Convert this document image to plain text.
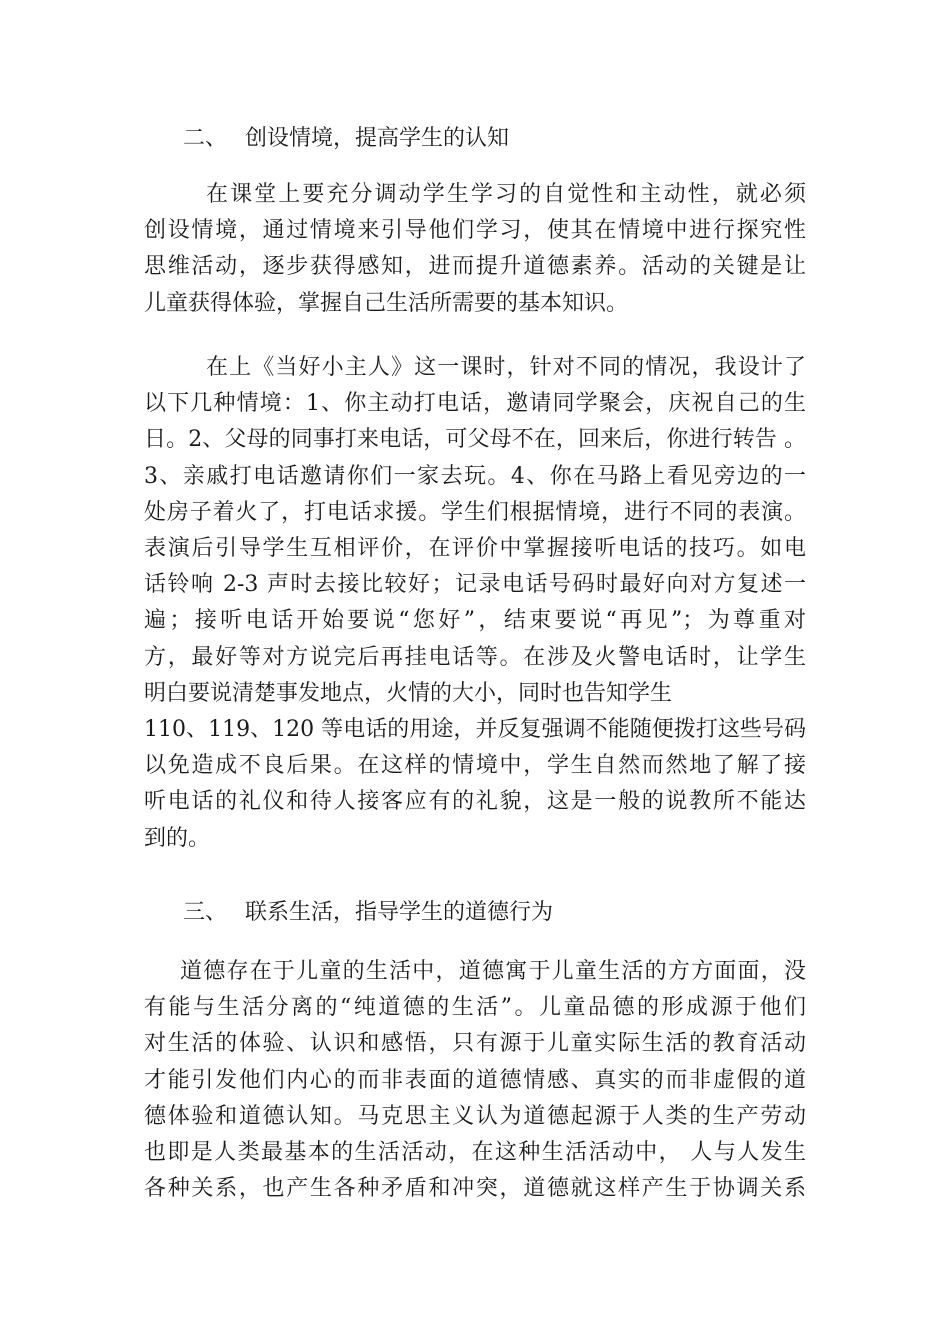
二、 创设情境，提高学生的认知
在课堂上要充分调动学生学习的自觉性和主动性，就必须
创设情境，通过情境来引导他们学习，使其在情境中进行探究性
思维活动，逐步获得感知，进而提升道德素养。活动的关键是让
儿童获得体验，掌握自己生活所需要的基本知识。
在上《当好小主人》这一课时，针对不同的情况，我设计了
以下几种情境：1、你主动打电话，邀请同学聚会，庆祝自己的生
日。2、父母的同事打来电话，可父母不在，回来后，你进行转告 。
3、亲戚打电话邀请你们一家去玩。4、你在马路上看见旁边的一
处房子着火了，打电话求援。学生们根据情境，进行不同的表演。
表演后引导学生互相评价，在评价中掌握接听电话的技巧。如电
话铃响 2-3 声时去接比较好；记录电话号码时最好向对方复述一
遍；接听电话开始要说“您好”，结束要说“再见”；为尊重对
方，最好等对方说完后再挂电话等。在涉及火警电话时，让学生
明白要说清楚事发地点，火情的大小，同时也告知学生
110、119、120 等电话的用途，并反复强调不能随便拨打这些号码
以免造成不良后果。在这样的情境中，学生自然而然地了解了接
听电话的礼仪和待人接客应有的礼貌，这是一般的说教所不能达
到的。
三、 联系生活，指导学生的道德行为
道德存在于儿童的生活中，道德寓于儿童生活的方方面面，没
有能与生活分离的“纯道德的生活”。儿童品德的形成源于他们
对生活的体验、认识和感悟，只有源于儿童实际生活的教育活动
才能引发他们内心的而非表面的道德情感、真实的而非虚假的道
德体验和道德认知。马克思主义认为道德起源于人类的生产劳动
也即是人类最基本的生活活动，在这种生活活动中， 人与人发生
各种关系，也产生各种矛盾和冲突，道德就这样产生于协调关系
